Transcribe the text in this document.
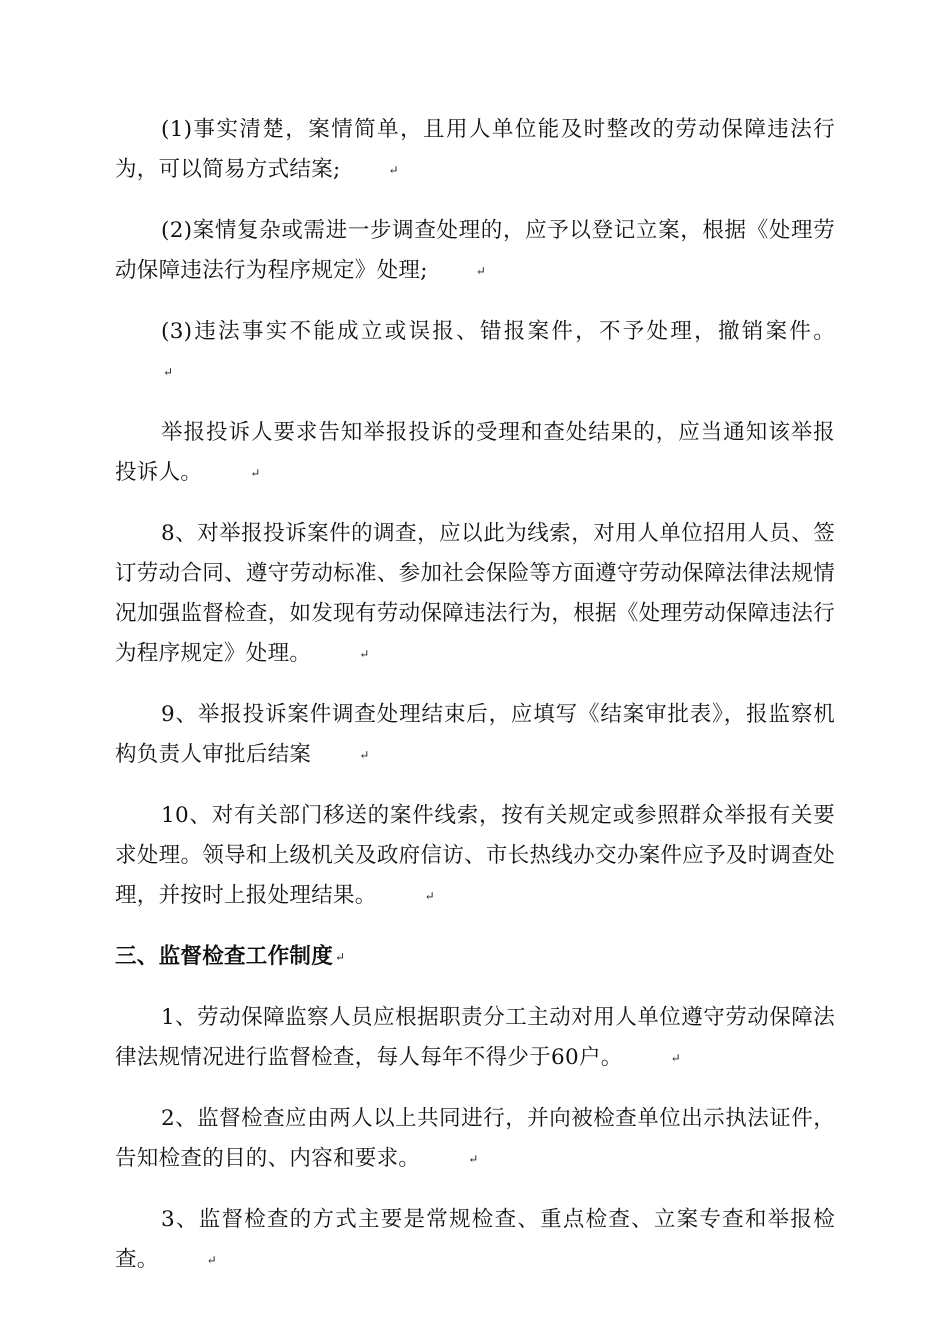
(1)事实清楚，案情简单，且用人单位能及时整改的劳动保障违法行为，可以简易方式结案;	↵

(2)案情复杂或需进一步调查处理的，应予以登记立案，根据《处理劳动保障违法行为程序规定》处理;	↵

(3)违法事实不能成立或误报、错报案件，不予处理，撤销案件。↵

举报投诉人要求告知举报投诉的受理和查处结果的，应当通知该举报投诉人。	↵

8、对举报投诉案件的调查，应以此为线索，对用人单位招用人员、签订劳动合同、遵守劳动标准、参加社会保险等方面遵守劳动保障法律法规情况加强监督检查，如发现有劳动保障违法行为，根据《处理劳动保障违法行为程序规定》处理。	↵

9、举报投诉案件调查处理结束后，应填写《结案审批表》，报监察机构负责人审批后结案	↵

10、对有关部门移送的案件线索，按有关规定或参照群众举报有关要求处理。领导和上级机关及政府信访、市长热线办交办案件应予及时调查处理，并按时上报处理结果。	↵

三、监督检查工作制度 ↵

1、劳动保障监察人员应根据职责分工主动对用人单位遵守劳动保障法律法规情况进行监督检查，每人每年不得少于60户。	↵

2、监督检查应由两人以上共同进行，并向被检查单位出示执法证件，告知检查的目的、内容和要求。	↵

3、监督检查的方式主要是常规检查、重点检查、立案专查和举报检查。	↵
